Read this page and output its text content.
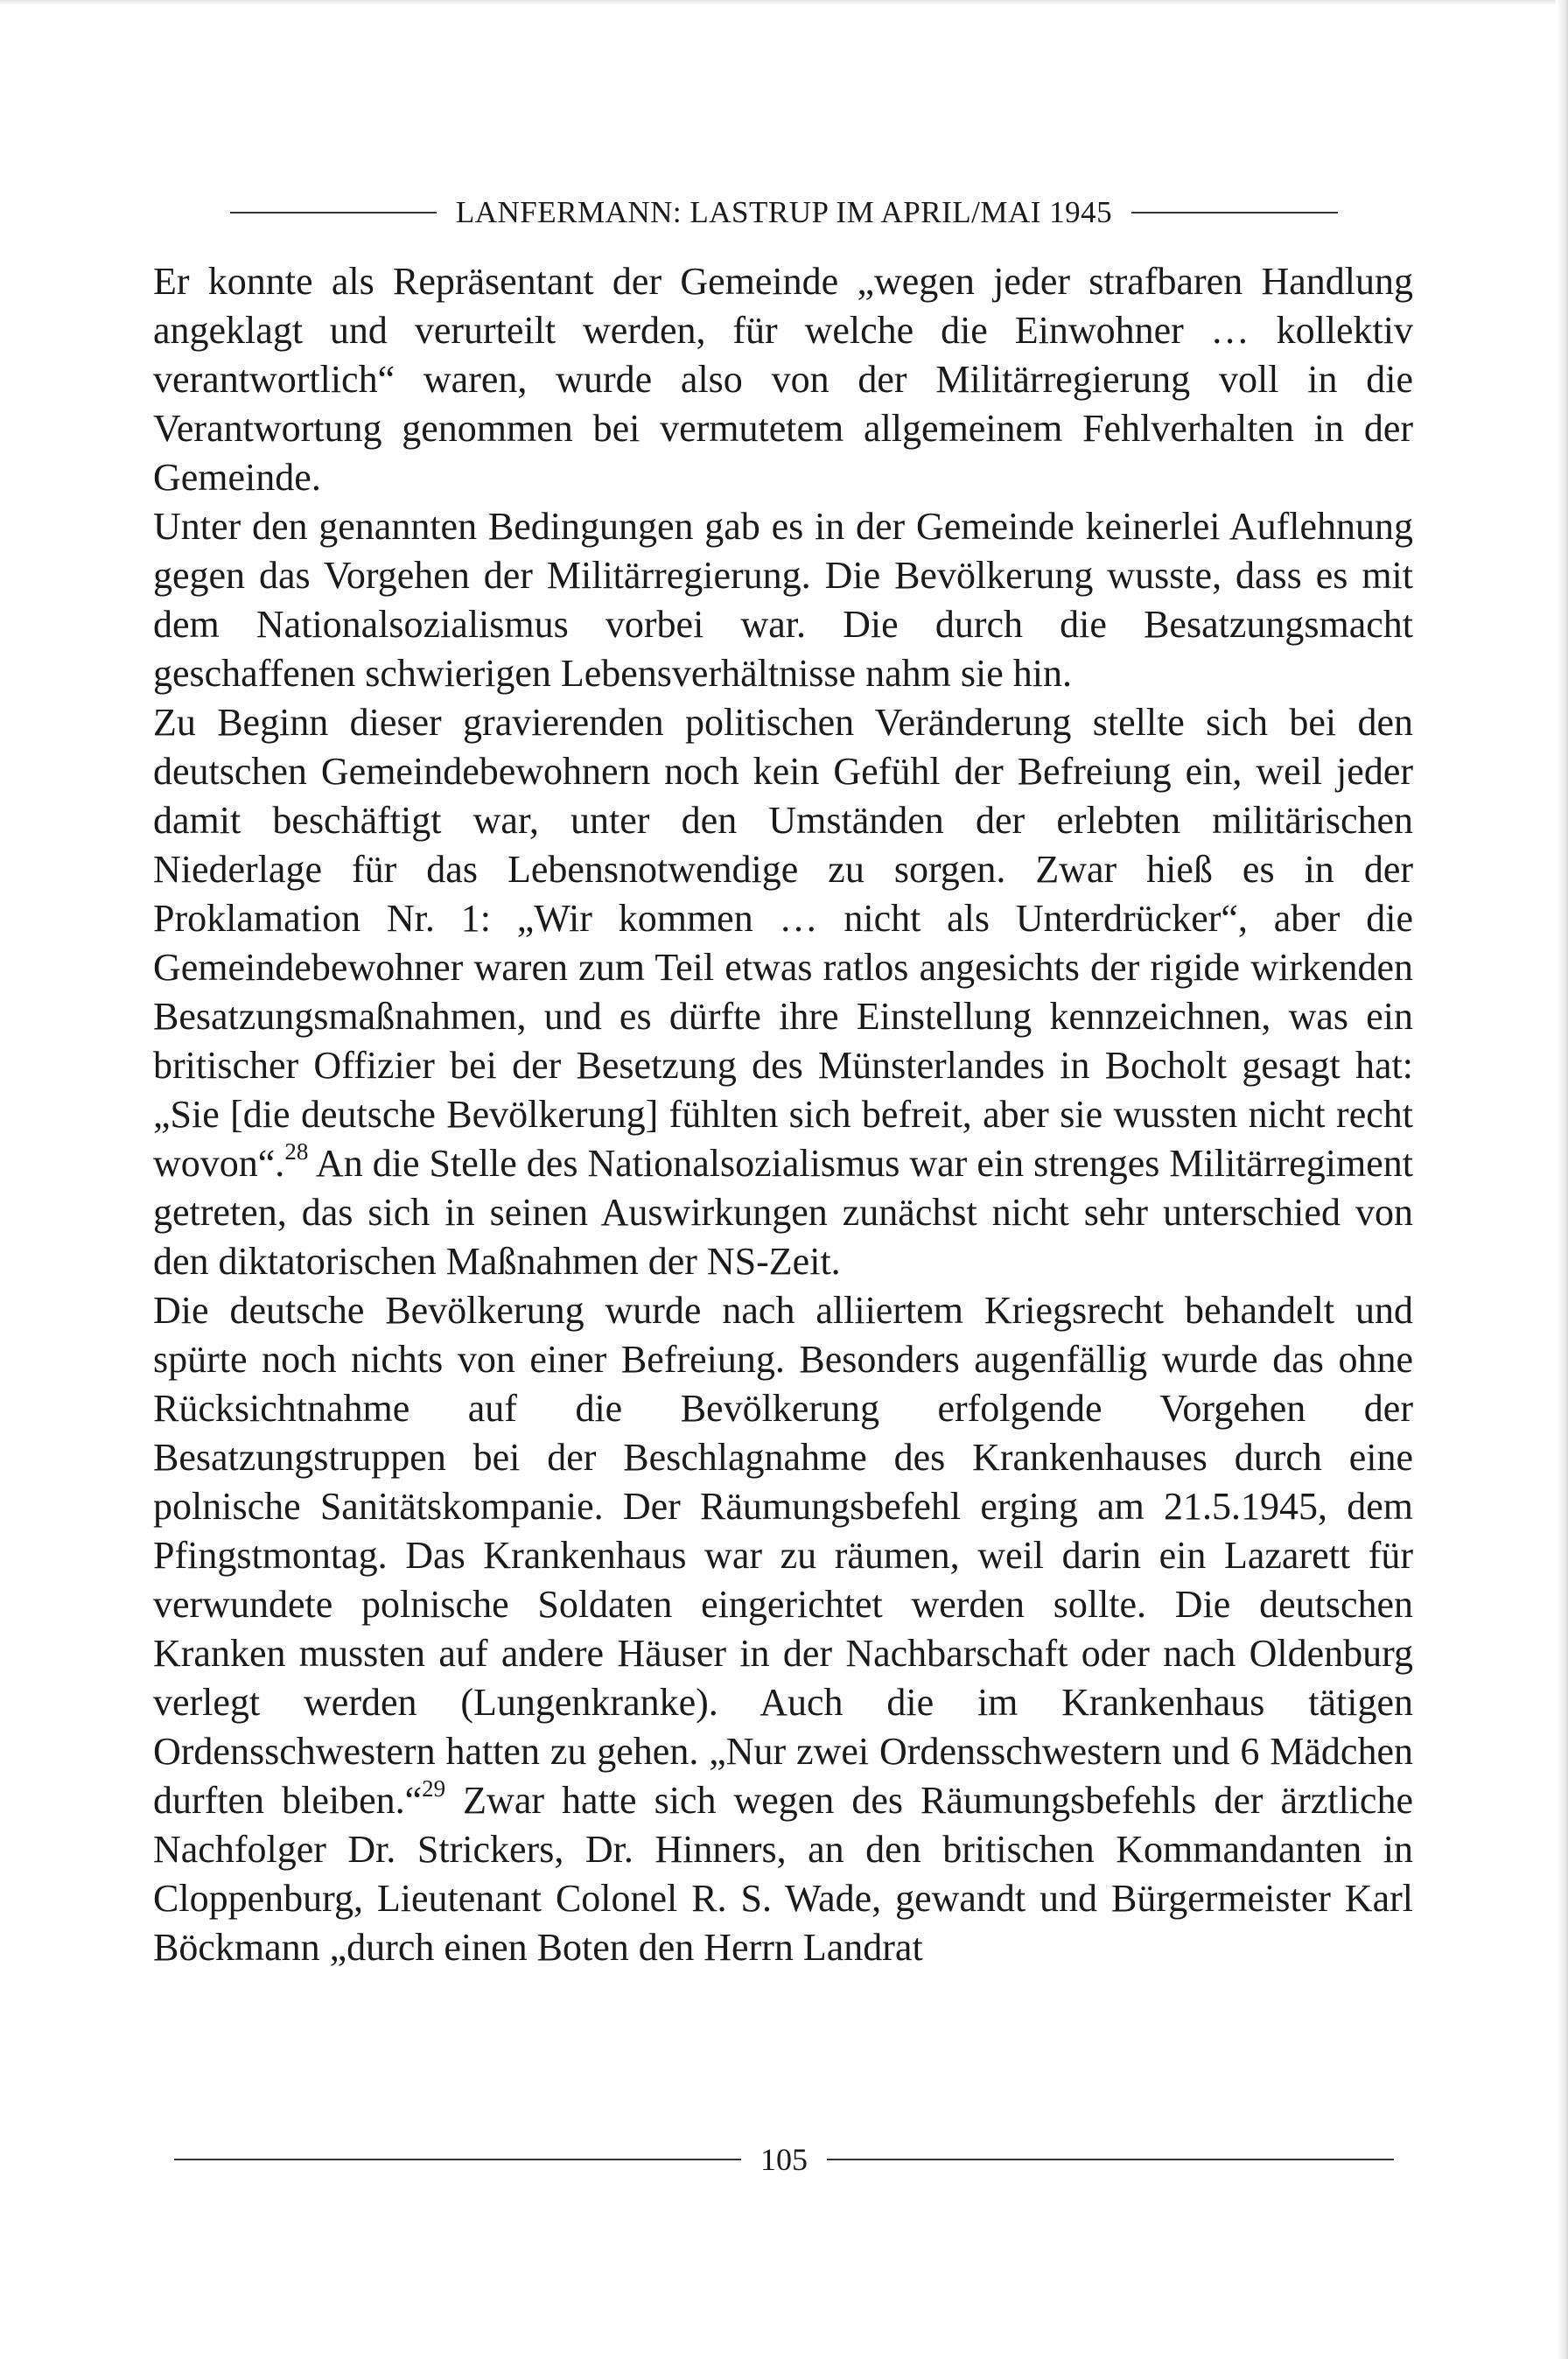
LANFERMANN: LASTRUP IM APRIL/MAI 1945

Er konnte als Repräsentant der Gemeinde „wegen jeder strafbaren Handlung angeklagt und verurteilt werden, für welche die Einwohner … kollektiv verantwortlich“ waren, wurde also von der Militärregierung voll in die Verantwortung genommen bei vermutetem allgemeinem Fehlverhalten in der Gemeinde.

Unter den genannten Bedingungen gab es in der Gemeinde keinerlei Auflehnung gegen das Vorgehen der Militärregierung. Die Bevölkerung wusste, dass es mit dem Nationalsozialismus vorbei war. Die durch die Besatzungsmacht geschaffenen schwierigen Lebensverhältnisse nahm sie hin.

Zu Beginn dieser gravierenden politischen Veränderung stellte sich bei den deutschen Gemeindebewohnern noch kein Gefühl der Befreiung ein, weil jeder damit beschäftigt war, unter den Umständen der erlebten militärischen Niederlage für das Lebensnotwendige zu sorgen. Zwar hieß es in der Proklamation Nr. 1: „Wir kommen … nicht als Unterdrücker“, aber die Gemeindebewohner waren zum Teil etwas ratlos angesichts der rigide wirkenden Besatzungsmaßnahmen, und es dürfte ihre Einstellung kennzeichnen, was ein britischer Offizier bei der Besetzung des Münsterlandes in Bocholt gesagt hat: „Sie [die deutsche Bevölkerung] fühlten sich befreit, aber sie wussten nicht recht wovon“.$^{28}$ An die Stelle des Nationalsozialismus war ein strenges Militärregiment getreten, das sich in seinen Auswirkungen zunächst nicht sehr unterschied von den diktatorischen Maßnahmen der NS-Zeit.

Die deutsche Bevölkerung wurde nach alliiertem Kriegsrecht behandelt und spürte noch nichts von einer Befreiung. Besonders augenfällig wurde das ohne Rücksichtnahme auf die Bevölkerung erfolgende Vorgehen der Besatzungstruppen bei der Beschlagnahme des Krankenhauses durch eine polnische Sanitätskompanie. Der Räumungsbefehl erging am 21.5.1945, dem Pfingstmontag. Das Krankenhaus war zu räumen, weil darin ein Lazarett für verwundete polnische Soldaten eingerichtet werden sollte. Die deutschen Kranken mussten auf andere Häuser in der Nachbarschaft oder nach Oldenburg verlegt werden (Lungenkranke). Auch die im Krankenhaus tätigen Ordensschwestern hatten zu gehen. „Nur zwei Ordensschwestern und 6 Mädchen durften bleiben.“$^{29}$ Zwar hatte sich wegen des Räumungsbefehls der ärztliche Nachfolger Dr. Strickers, Dr. Hinners, an den britischen Kommandanten in Cloppenburg, Lieutenant Colonel R. S. Wade, gewandt und Bürgermeister Karl Böckmann „durch einen Boten den Herrn Landrat

105
